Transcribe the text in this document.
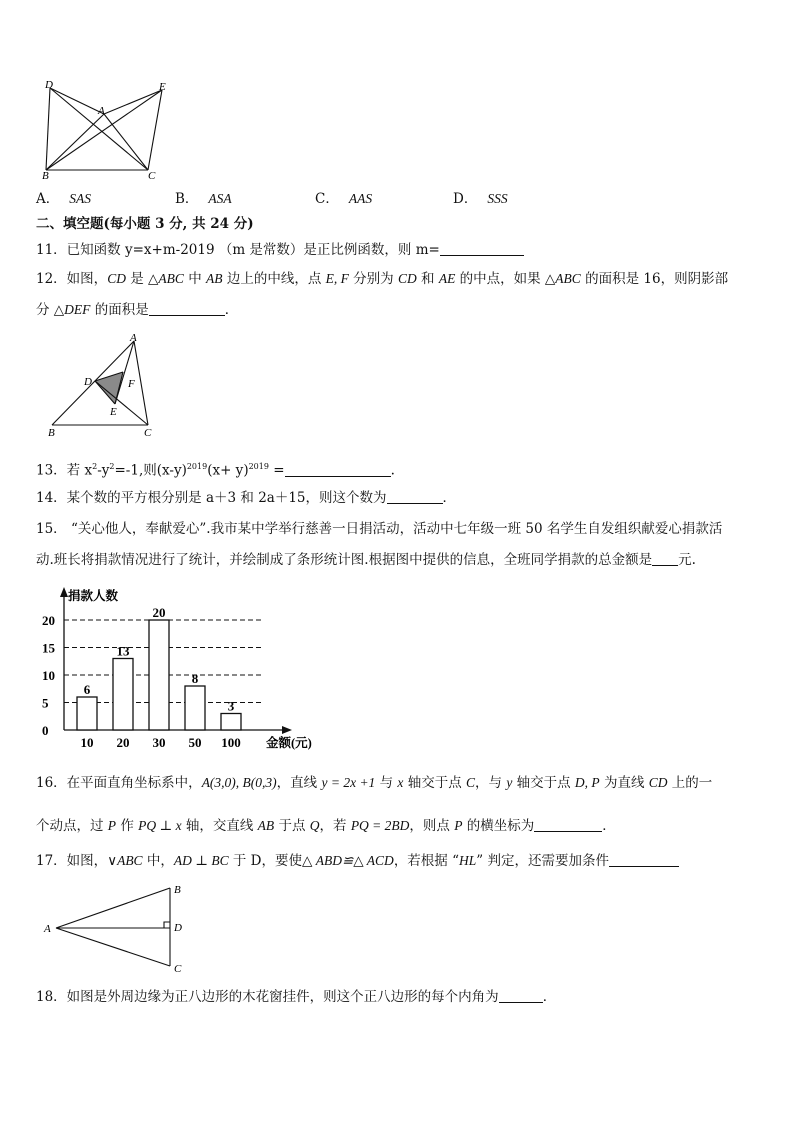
D	E
A
B	C
A． SAS	B． ASA	C． AAS	D． SSS
二、填空题(每小题 3 分, 共 24 分)
11．已知函数 y=x+m-2019 （m 是常数）是正比例函数，则 m=
12．如图，CD 是 △ABC 中 AB 边上的中线，点 E, F 分别为 CD 和 AE 的中点，如果 △ABC 的面积是 16，则阴影部
分 △DEF 的面积是	．
A
D	F
E
B	C
13．若 $x^2-y^2=-1$,则$(x-y)^{2019}(x+ y)^{2019}$ =	.
14．某个数的平方根分别是 a＋3 和 2a＋15，则这个数为	．
15． “关心他人，奉献爱心”.我市某中学举行慈善一日捐活动，活动中七年级一班 50 名学生自发组织献爱心捐款活
动.班长将捐款情况进行了统计，并绘制成了条形统计图.根据图中提供的信息，全班同学捐款的总金额是 元.
0
5
10
15
20
6
10
13
20
20
30
8
50
3
100
捐款人数
金额(元)
16．在平面直角坐标系中，A(3,0), B(0,3)，直线 y = 2x +1 与 x 轴交于点 C，与 y 轴交于点 D, P 为直线 CD 上的一
个动点，过 P 作 PQ ⊥ x 轴，交直线 AB 于点 Q，若 PQ = 2BD，则点 P 的横坐标为	．
17．如图，∨ABC 中，AD ⊥ BC 于 D，要使△ ABD≌△ ACD，若根据 “HL” 判定，还需要加条件
A
B
D
C
18．如图是外周边缘为正八边形的木花窗挂件，则这个正八边形的每个内角为	．
